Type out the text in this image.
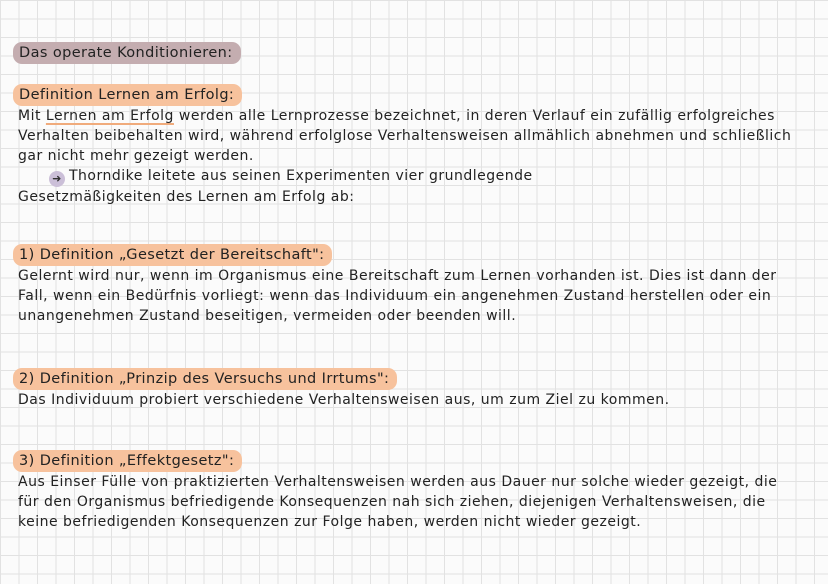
Das operate Konditionieren:
Definition Lernen am Erfolg:

Mit Lernen am Erfolg werden alle Lernprozesse bezeichnet, in deren Verlauf ein zufällig erfolgreiches Verhalten beibehalten wird, während erfolglose Verhaltensweisen allmählich abnehmen und schließlich gar nicht mehr gezeigt werden.

➜ Thorndike leitete aus seinen Experimenten vier grundlegende

Gesetzmäßigkeiten des Lernen am Erfolg ab:

1) Definition „Gesetzt der Bereitschaft":

Gelernt wird nur, wenn im Organismus eine Bereitschaft zum Lernen vorhanden ist. Dies ist dann der Fall, wenn ein Bedürfnis vorliegt: wenn das Individuum ein angenehmen Zustand herstellen oder ein unangenehmen Zustand beseitigen, vermeiden oder beenden will.

2) Definition „Prinzip des Versuchs und Irrtums":

Das Individuum probiert verschiedene Verhaltensweisen aus, um zum Ziel zu kommen.

3) Definition „Effektgesetz":

Aus Einser Fülle von praktizierten Verhaltensweisen werden aus Dauer nur solche wieder gezeigt, die für den Organismus befriedigende Konsequenzen nah sich ziehen, diejenigen Verhaltensweisen, die keine befriedigenden Konsequenzen zur Folge haben, werden nicht wieder gezeigt.
